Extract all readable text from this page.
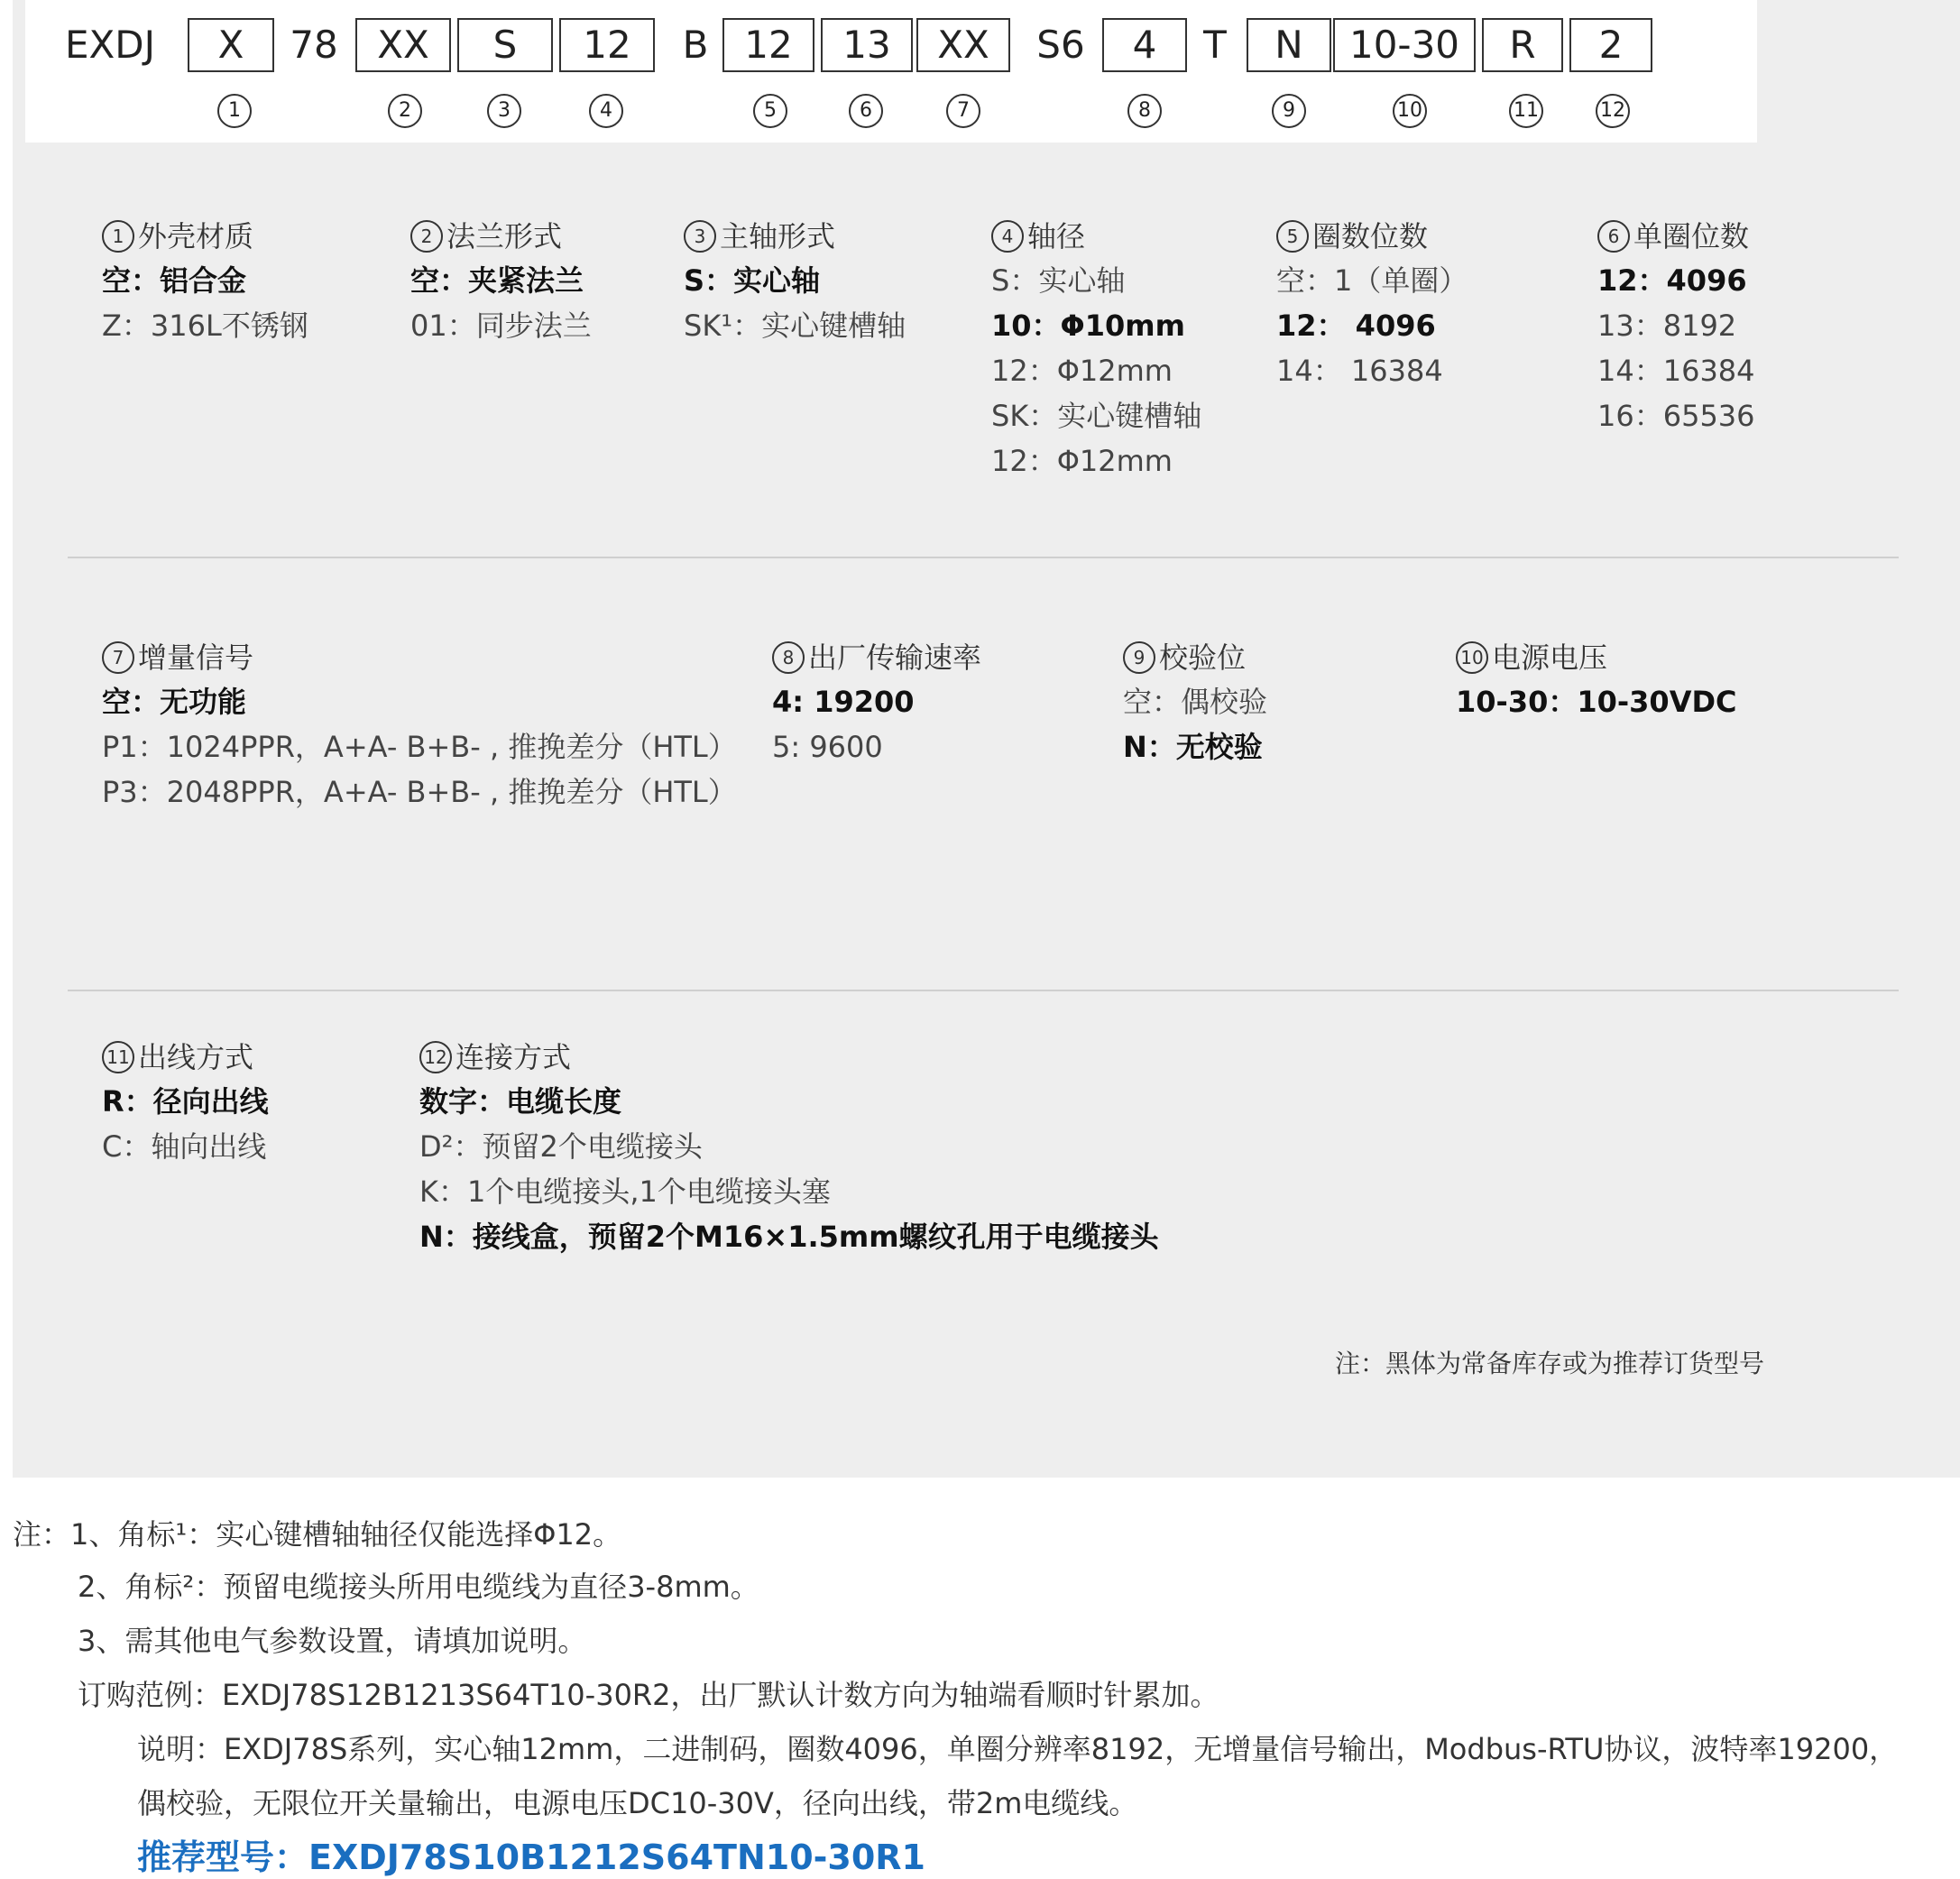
EXDJ	X	78	XX	S	12	B 12	13	XX	S6	4	T	N	10-30	R	2
1	2	3	4	5	6	7	8	9	10	11	12
1 外壳材质
空：铝合金
Z：316L不锈钢
2 法兰形式
空：夹紧法兰
01：同步法兰
3 主轴形式
S：实心轴
SK¹：实心键槽轴
4 轴径
S：实心轴
10：Φ10mm
12：Φ12mm
SK：实心键槽轴
12：Φ12mm
5 圈数位数
空：1（单圈）
12： 4096
14： 16384
6 单圈位数
12：4096
13：8192
14：16384
16：65536
7 增量信号
空：无功能
P1：1024PPR，A+A- B+B- , 推挽差分（HTL）
P3：2048PPR，A+A- B+B- , 推挽差分（HTL）
8 出厂传输速率
4: 19200
5: 9600
9 校验位
空：偶校验
N：无校验
10 电源电压
10-30：10-30VDC
11 出线方式
R：径向出线
C：轴向出线
12 连接方式
数字：电缆长度
D²：预留2个电缆接头
K：1个电缆接头,1个电缆接头塞
N：接线盒，预留2个M16×1.5mm螺纹孔用于电缆接头
注：黑体为常备库存或为推荐订货型号
注：1、角标¹：实心键槽轴轴径仅能选择Φ12。
2、角标²：预留电缆接头所用电缆线为直径3-8mm。
3、需其他电气参数设置，请填加说明。
订购范例：EXDJ78S12B1213S64T10-30R2，出厂默认计数方向为轴端看顺时针累加。
说明：EXDJ78S系列，实心轴12mm，二进制码，圈数4096，单圈分辨率8192，无增量信号输出，Modbus-RTU协议，波特率19200，
偶校验，无限位开关量输出，电源电压DC10-30V，径向出线，带2m电缆线。
推荐型号：EXDJ78S10B1212S64TN10-30R1
